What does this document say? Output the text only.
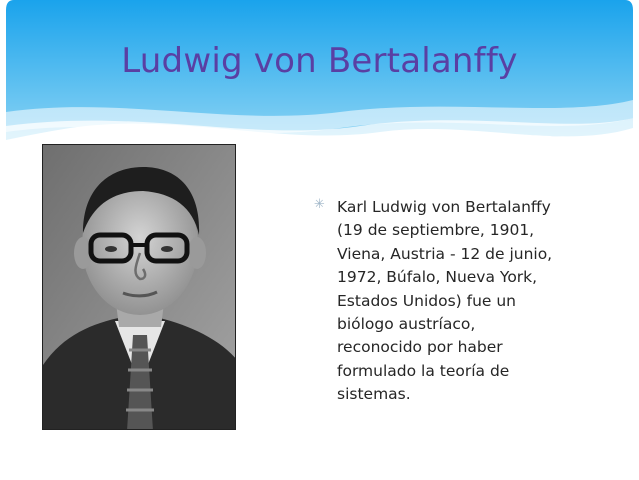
Ludwig von Bertalanffy
✳ Karl Ludwig von Bertalanffy
(19 de septiembre, 1901,
Viena, Austria - 12 de junio,
1972, Búfalo, Nueva York,
Estados Unidos) fue un
biólogo austríaco,
reconocido por haber
formulado la teoría de
sistemas.
